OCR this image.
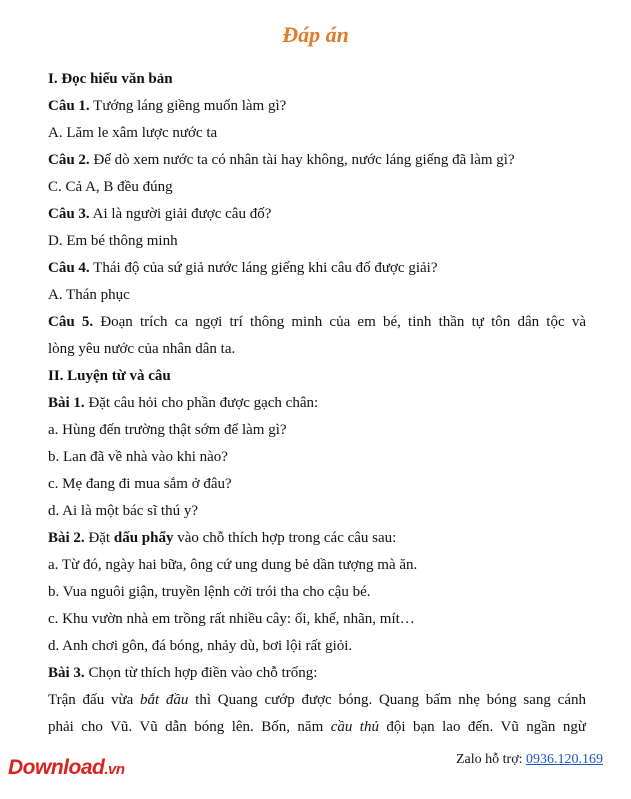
Đáp án
I. Đọc hiểu văn bản
Câu 1. Tướng láng giềng muốn làm gì?
A. Lăm le xâm lược nước ta
Câu 2. Để dò xem nước ta có nhân tài hay không, nước láng giếng đã làm gì?
C. Cả A, B đều đúng
Câu 3. Ai là người giải được câu đố?
D. Em bé thông minh
Câu 4. Thái độ của sứ giả nước láng giếng khi câu đố được giải?
A. Thán phục
Câu 5. Đoạn trích ca ngợi trí thông minh của em bé, tinh thần tự tôn dân tộc và
lòng yêu nước của nhân dân ta.
II. Luyện từ và câu
Bài 1. Đặt câu hỏi cho phần được gạch chân:
a. Hùng đến trường thật sớm để làm gì?
b. Lan đã về nhà vào khi nào?
c. Mẹ đang đi mua sắm ở đâu?
d. Ai là một bác sĩ thú y?
Bài 2. Đặt dấu phẩy vào chỗ thích hợp trong các câu sau:
a. Từ đó, ngày hai bữa, ông cứ ung dung bẻ dần tượng mà ăn.
b. Vua nguôi giận, truyền lệnh cởi trói tha cho cậu bé.
c. Khu vườn nhà em trồng rất nhiều cây: ổi, khế, nhãn, mít…
d. Anh chơi gôn, đá bóng, nhảy dù, bơi lội rất giỏi.
Bài 3. Chọn từ thích hợp điền vào chỗ trống:
Trận đấu vừa bắt đầu thì Quang cướp được bóng. Quang bấm nhẹ bóng sang cánh
phải cho Vũ. Vũ dẫn bóng lên. Bốn, năm cầu thủ đội bạn lao đến. Vũ ngần ngừ
Download.vn
Zalo hỗ trợ: 0936.120.169
